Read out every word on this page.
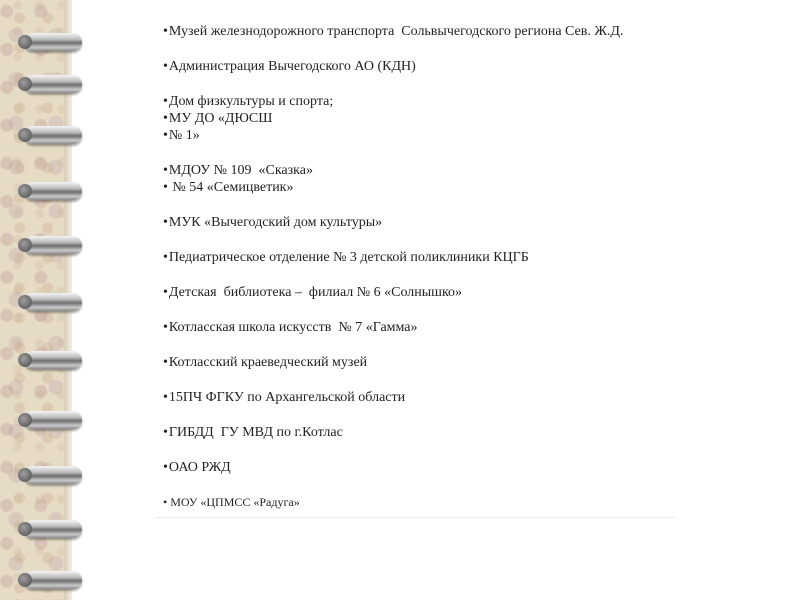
• Музей железнодорожного транспорта  Сольвычегодского региона Сев. Ж.Д.

• Администрация Вычегодского АО (КДН)

• Дом физкультуры и спорта;

• МУ ДО «ДЮСШ

• № 1»

• МДОУ № 109  «Сказка»

•  № 54 «Семицветик»

• МУК «Вычегодский дом культуры»

• Педиатрическое отделение № 3 детской поликлиники КЦГБ

• Детская  библиотека –  филиал № 6 «Солнышко»

• Котласская школа искусств  № 7 «Гамма»

• Котласский краеведческий музей

• 15ПЧ ФГКУ по Архангельской области

• ГИБДД  ГУ МВД по г.Котлас

• ОАО РЖД

• МОУ «ЦПМСС «Радуга»
